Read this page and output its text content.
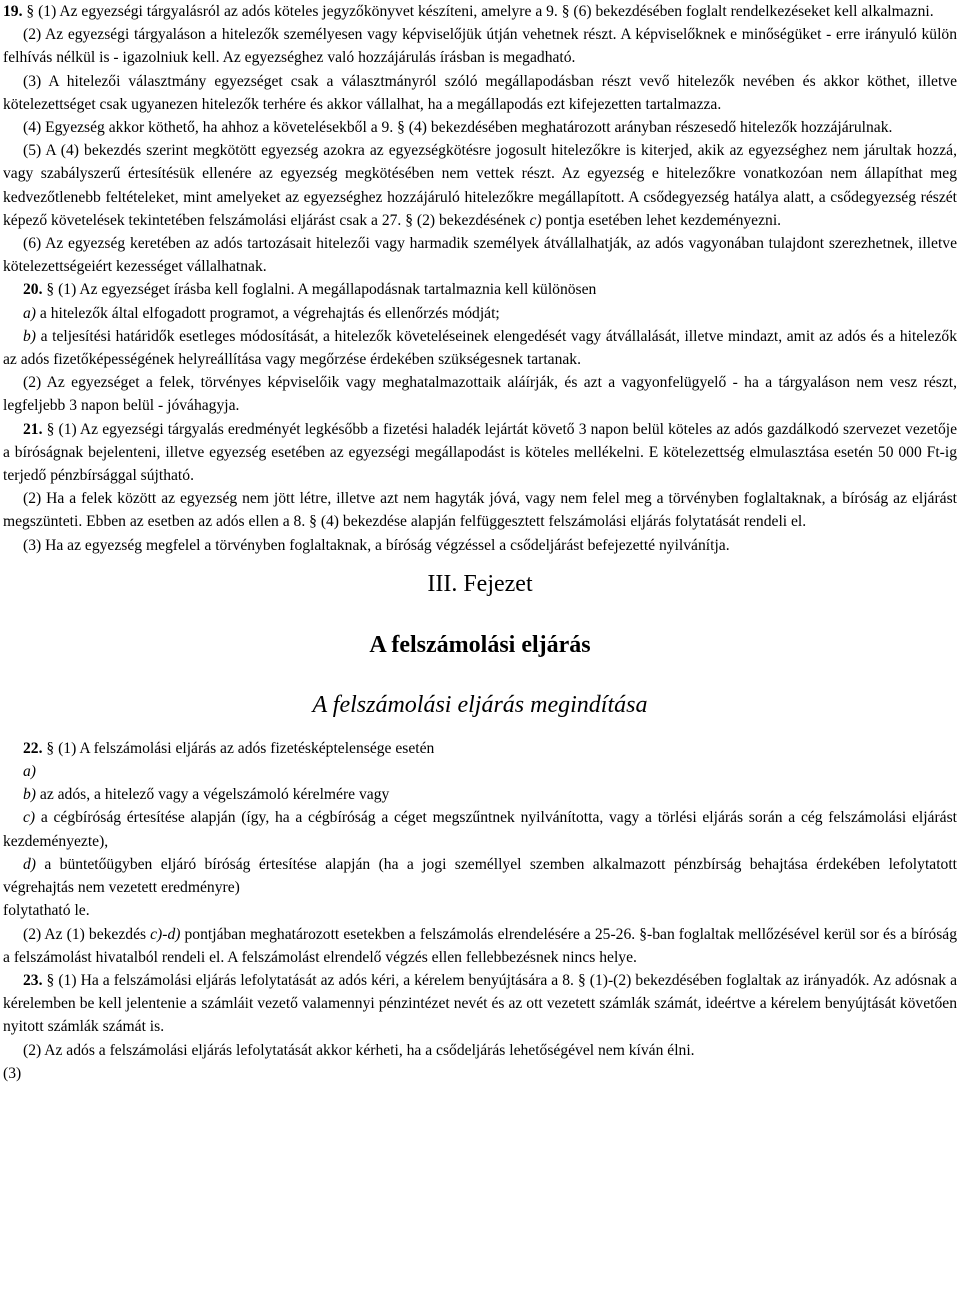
19. § (1) Az egyezségi tárgyalásról az adós köteles jegyzőkönyvet készíteni, amelyre a 9. § (6) bekezdésében foglalt rendelkezéseket kell alkalmazni.

(2) Az egyezségi tárgyaláson a hitelezők személyesen vagy képviselőjük útján vehetnek részt. A képviselőknek e minőségüket - erre irányuló külön felhívás nélkül is - igazolniuk kell. Az egyezséghez való hozzájárulás írásban is megadható.

(3) A hitelezői választmány egyezséget csak a választmányról szóló megállapodásban részt vevő hitelezők nevében és akkor köthet, illetve kötelezettséget csak ugyanezen hitelezők terhére és akkor vállalhat, ha a megállapodás ezt kifejezetten tartalmazza.

(4) Egyezség akkor köthető, ha ahhoz a követelésekből a 9. § (4) bekezdésében meghatározott arányban részesedő hitelezők hozzájárulnak.

(5) A (4) bekezdés szerint megkötött egyezség azokra az egyezségkötésre jogosult hitelezőkre is kiterjed, akik az egyezséghez nem járultak hozzá, vagy szabályszerű értesítésük ellenére az egyezség megkötésében nem vettek részt. Az egyezség e hitelezőkre vonatkozóan nem állapíthat meg kedvezőtlenebb feltételeket, mint amelyeket az egyezséghez hozzájáruló hitelezőkre megállapított. A csődegyezség hatálya alatt, a csődegyezség részét képező követelések tekintetében felszámolási eljárást csak a 27. § (2) bekezdésének c) pontja esetében lehet kezdeményezni.

(6) Az egyezség keretében az adós tartozásait hitelezői vagy harmadik személyek átvállalhatják, az adós vagyonában tulajdont szerezhetnek, illetve kötelezettségeiért kezességet vállalhatnak.

20. § (1) Az egyezséget írásba kell foglalni. A megállapodásnak tartalmaznia kell különösen

a) a hitelezők által elfogadott programot, a végrehajtás és ellenőrzés módját;

b) a teljesítési határidők esetleges módosítását, a hitelezők követeléseinek elengedését vagy átvállalását, illetve mindazt, amit az adós és a hitelezők az adós fizetőképességének helyreállítása vagy megőrzése érdekében szükségesnek tartanak.

(2) Az egyezséget a felek, törvényes képviselőik vagy meghatalmazottaik aláírják, és azt a vagyonfelügyelő - ha a tárgyaláson nem vesz részt, legfeljebb 3 napon belül - jóváhagyja.

21. § (1) Az egyezségi tárgyalás eredményét legkésőbb a fizetési haladék lejártát követő 3 napon belül köteles az adós gazdálkodó szervezet vezetője a bíróságnak bejelenteni, illetve egyezség esetében az egyezségi megállapodást is köteles mellékelni. E kötelezettség elmulasztása esetén 50 000 Ft-ig terjedő pénzbírsággal sújtható.

(2) Ha a felek között az egyezség nem jött létre, illetve azt nem hagyták jóvá, vagy nem felel meg a törvényben foglaltaknak, a bíróság az eljárást megszünteti. Ebben az esetben az adós ellen a 8. § (4) bekezdése alapján felfüggesztett felszámolási eljárás folytatását rendeli el.

(3) Ha az egyezség megfelel a törvényben foglaltaknak, a bíróság végzéssel a csődeljárást befejezetté nyilvánítja.

III. Fejezet

A felszámolási eljárás

A felszámolási eljárás megindítása

22. § (1) A felszámolási eljárás az adós fizetésképtelensége esetén

a)

b) az adós, a hitelező vagy a végelszámoló kérelmére vagy

c) a cégbíróság értesítése alapján (így, ha a cégbíróság a céget megszűntnek nyilvánította, vagy a törlési eljárás során a cég felszámolási eljárást kezdeményezte),

d) a büntetőügyben eljáró bíróság értesítése alapján (ha a jogi személlyel szemben alkalmazott pénzbírság behajtása érdekében lefolytatott végrehajtás nem vezetett eredményre)

folytatható le.

(2) Az (1) bekezdés c)-d) pontjában meghatározott esetekben a felszámolás elrendelésére a 25-26. §-ban foglaltak mellőzésével kerül sor és a bíróság a felszámolást hivatalból rendeli el. A felszámolást elrendelő végzés ellen fellebbezésnek nincs helye.

23. § (1) Ha a felszámolási eljárás lefolytatását az adós kéri, a kérelem benyújtására a 8. § (1)-(2) bekezdésében foglaltak az irányadók. Az adósnak a kérelemben be kell jelentenie a számláit vezető valamennyi pénzintézet nevét és az ott vezetett számlák számát, ideértve a kérelem benyújtását követően nyitott számlák számát is.

(2) Az adós a felszámolási eljárás lefolytatását akkor kérheti, ha a csődeljárás lehetőségével nem kíván élni.

(3)
